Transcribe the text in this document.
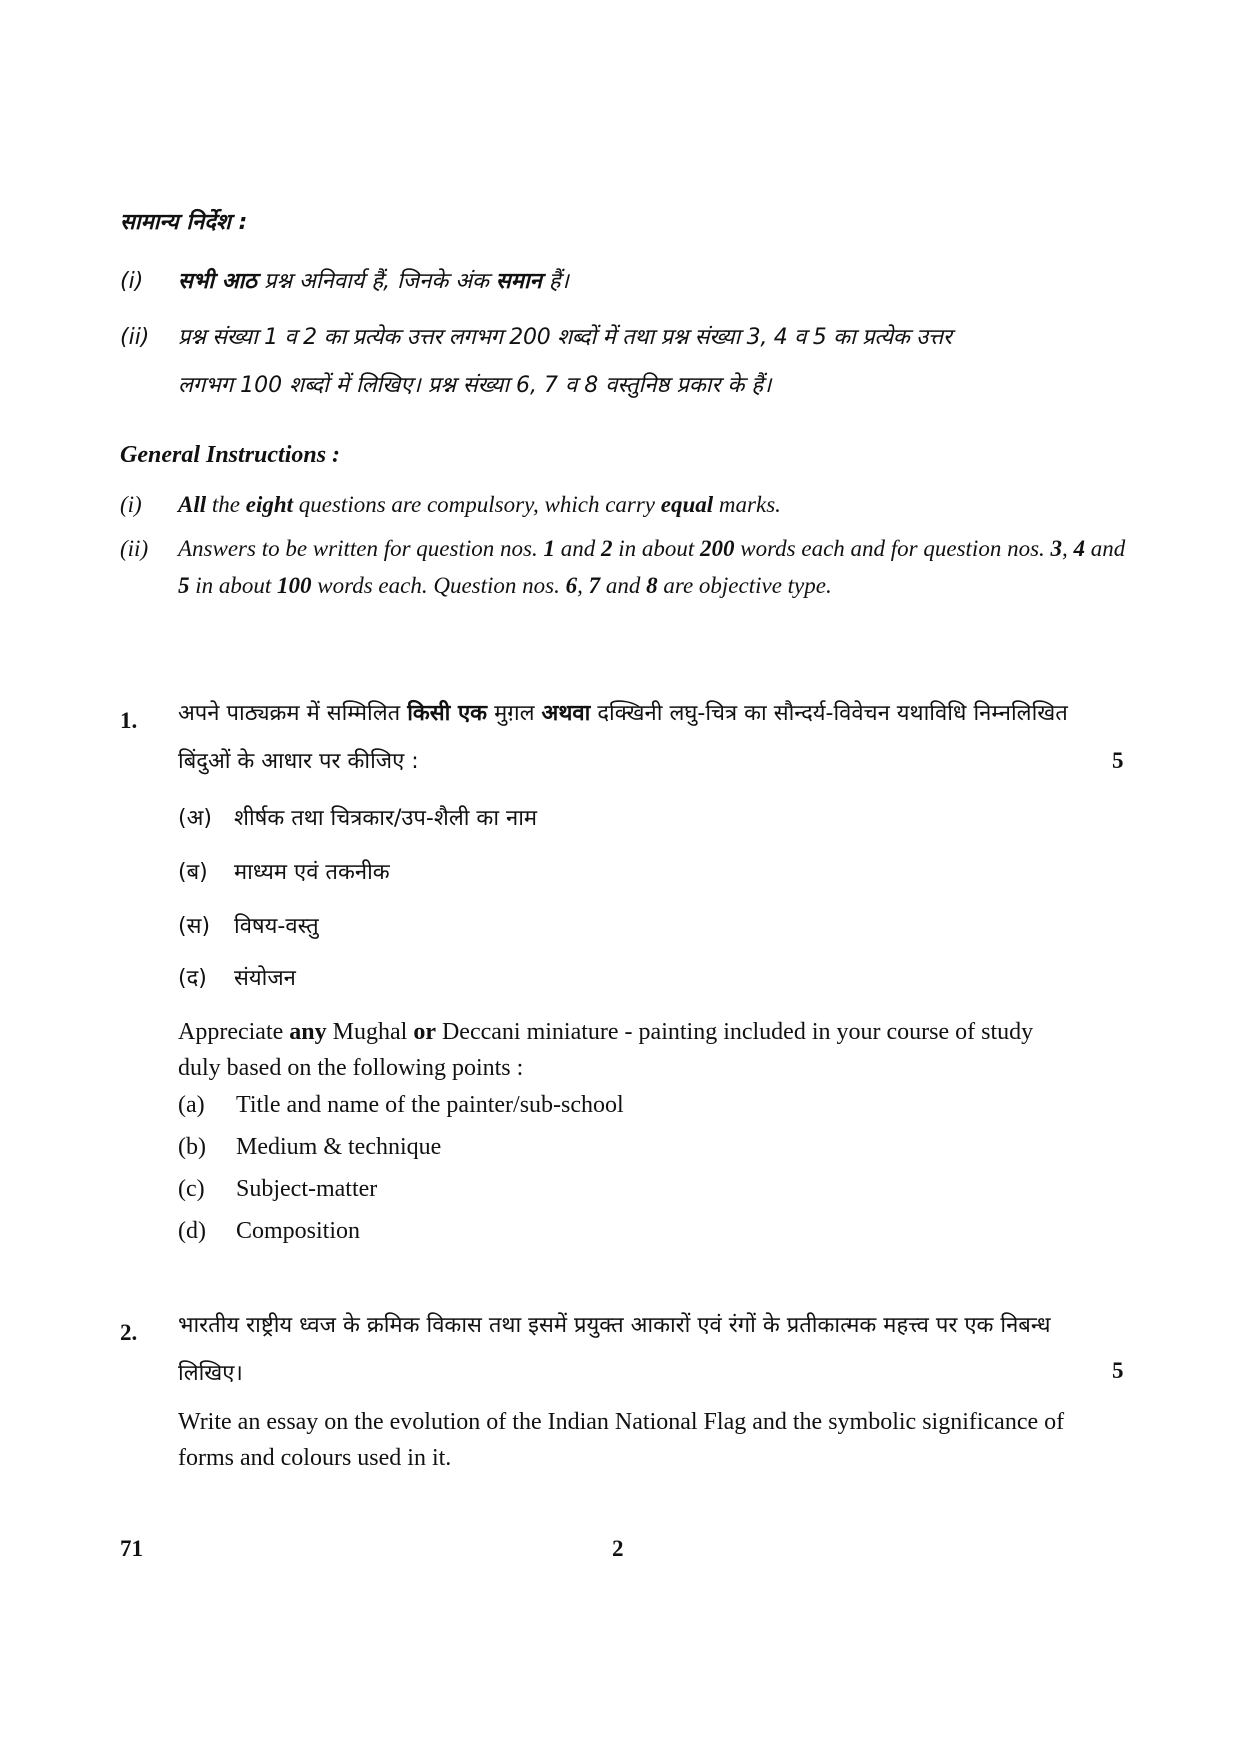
सामान्य निर्देश :
(i) सभी आठ प्रश्न अनिवार्य हैं, जिनके अंक समान हैं।
(ii) प्रश्न संख्या 1 व 2 का प्रत्येक उत्तर लगभग 200 शब्दों में तथा प्रश्न संख्या 3, 4 व 5 का प्रत्येक उत्तर
लगभग 100 शब्दों में लिखिए। प्रश्न संख्या 6, 7 व 8 वस्तुनिष्ठ प्रकार के हैं।
General Instructions :
(i) All the eight questions are compulsory, which carry equal marks.
(ii) Answers to be written for question nos. 1 and 2 in about 200 words each and for question nos. 3, 4 and 5 in about 100 words each. Question nos. 6, 7 and 8 are objective type.
1. अपने पाठ्यक्रम में सम्मिलित किसी एक मुग़ल अथवा दक्खिनी लघु-चित्र का सौन्दर्य-विवेचन यथाविधि निम्नलिखित बिंदुओं के आधार पर कीजिए :	5
(अ) शीर्षक तथा चित्रकार/उप-शैली का नाम
(ब) माध्यम एवं तकनीक
(स) विषय-वस्तु
(द) संयोजन
Appreciate any Mughal or Deccani miniature - painting included in your course of study duly based on the following points :
(a) Title and name of the painter/sub-school
(b) Medium & technique
(c) Subject-matter
(d) Composition
2. भारतीय राष्ट्रीय ध्वज के क्रमिक विकास तथा इसमें प्रयुक्त आकारों एवं रंगों के प्रतीकात्मक महत्त्व पर एक निबन्ध लिखिए।	5
Write an essay on the evolution of the Indian National Flag and the symbolic significance of forms and colours used in it.
71	2
